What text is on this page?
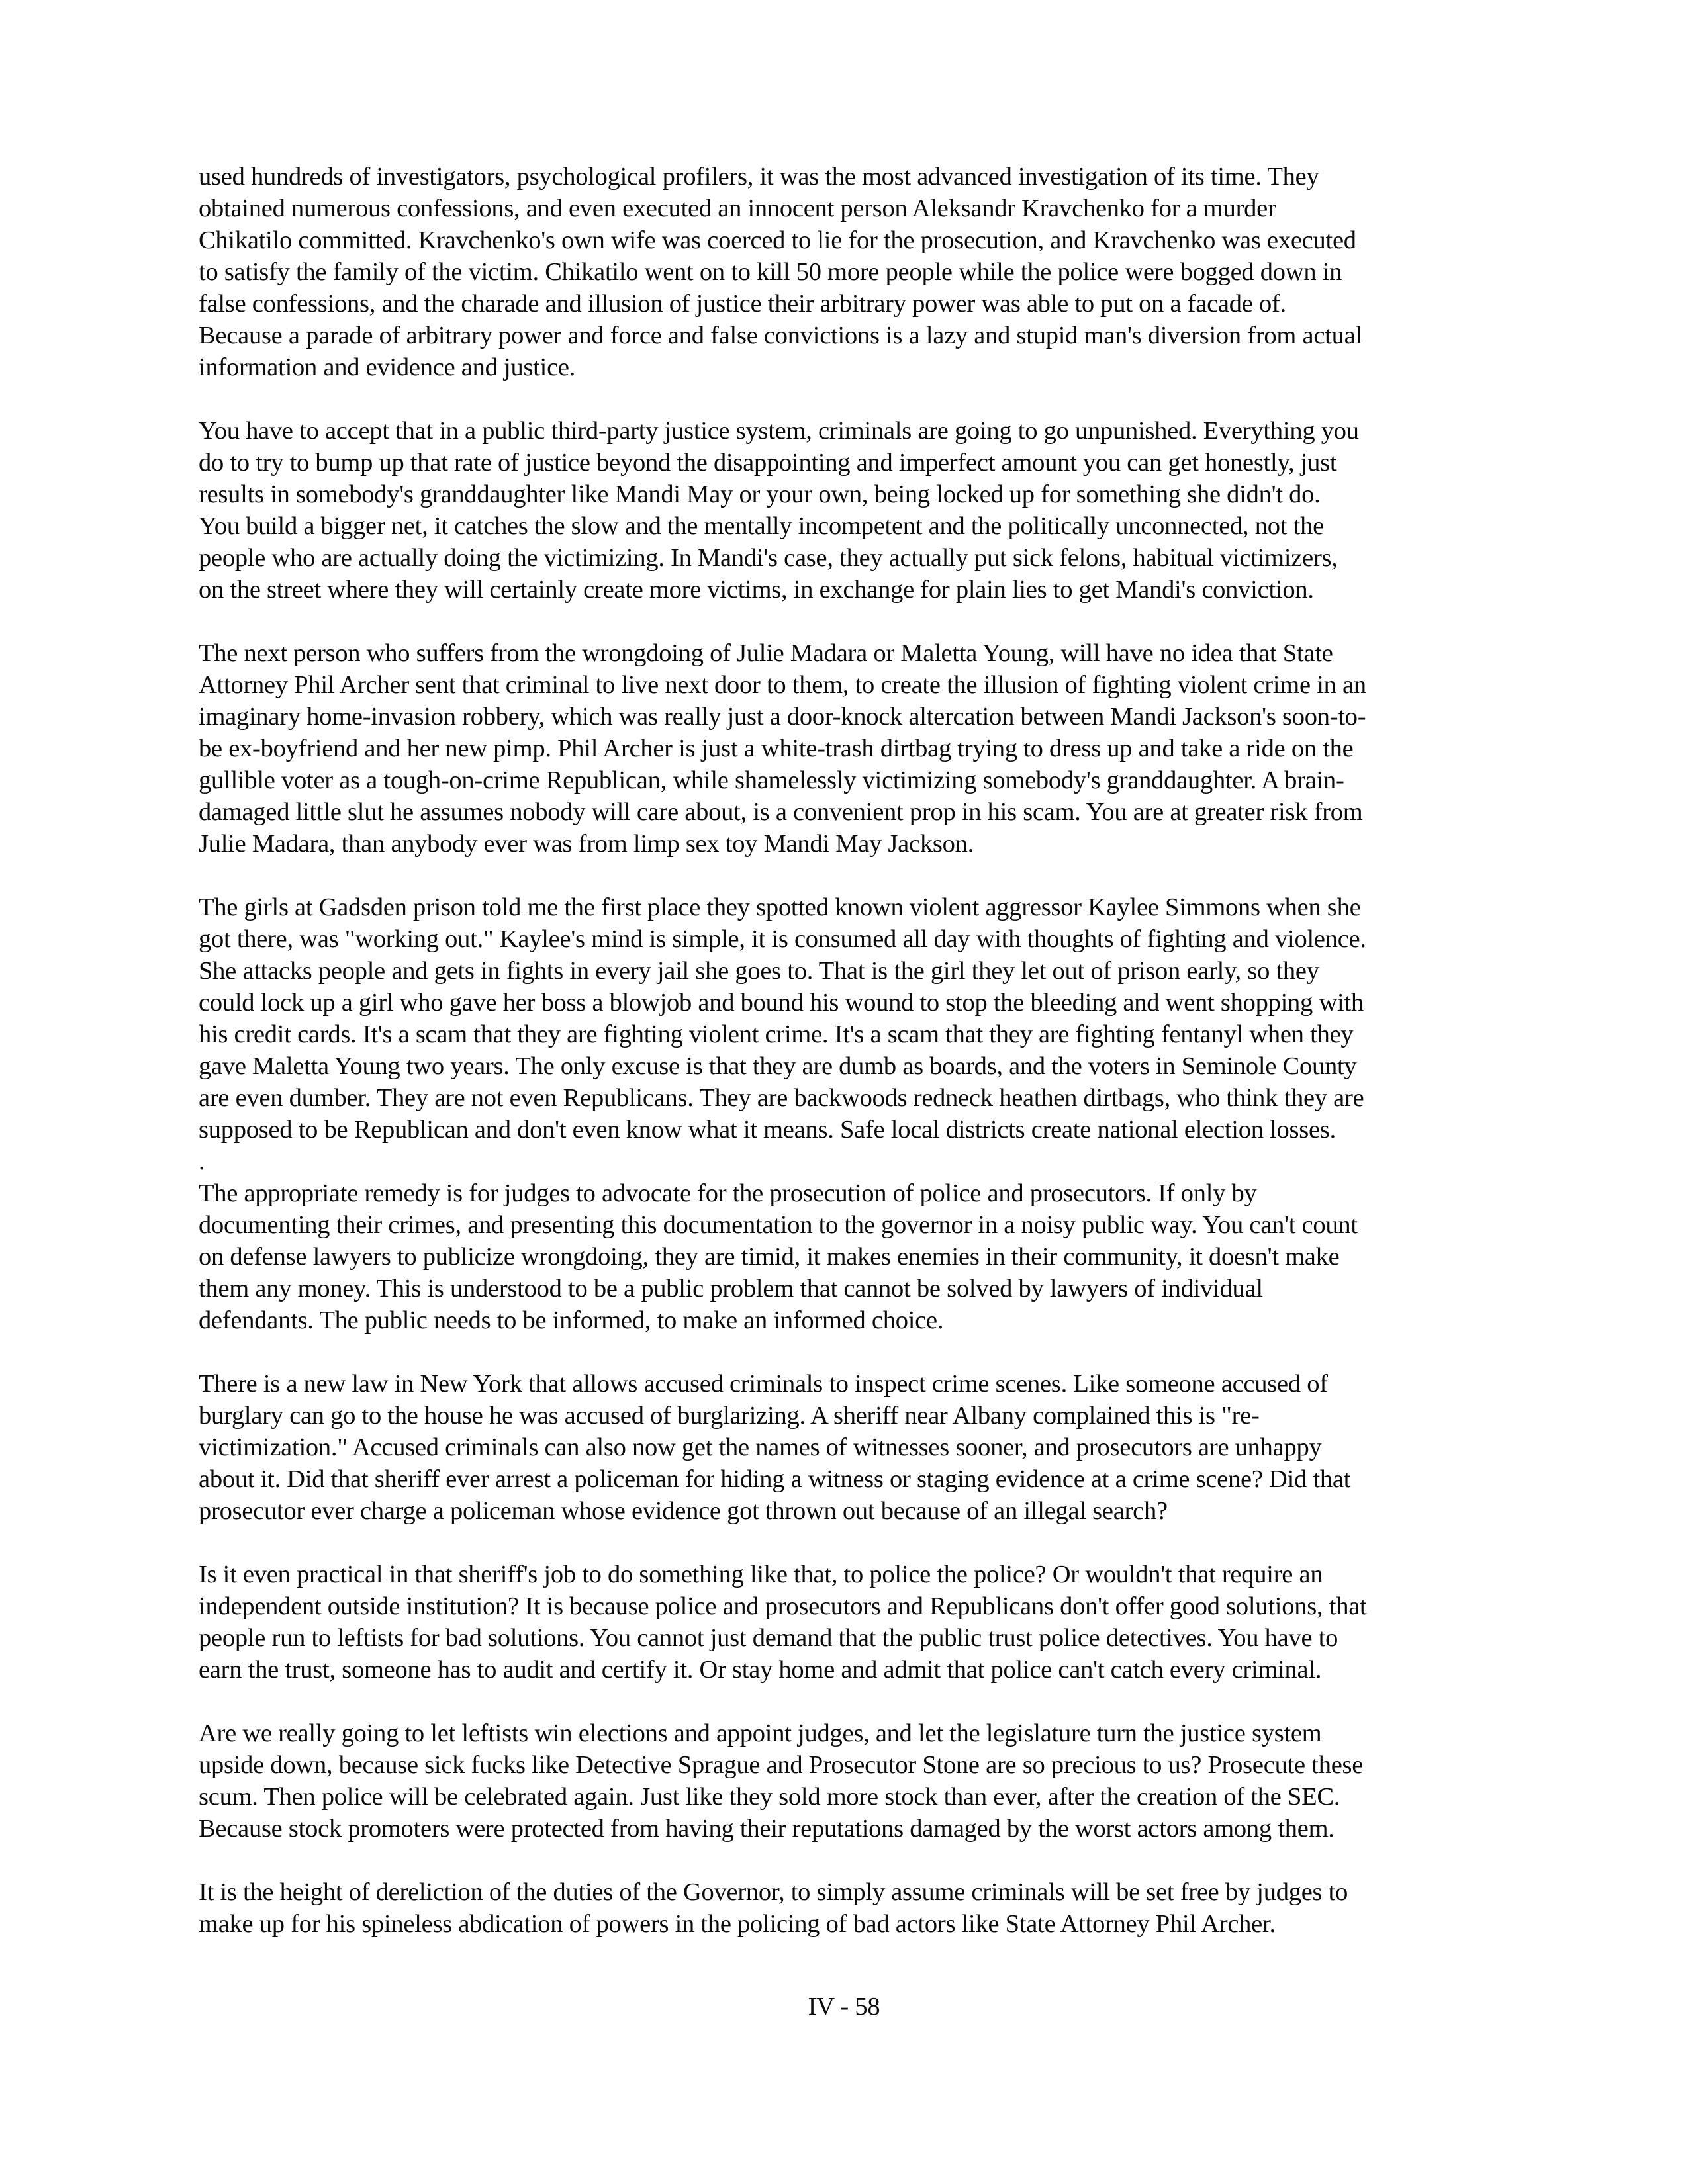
used hundreds of investigators, psychological profilers, it was the most advanced investigation of its time. They
obtained numerous confessions, and even executed an innocent person Aleksandr Kravchenko for a murder
Chikatilo committed. Kravchenko's own wife was coerced to lie for the prosecution, and Kravchenko was executed
to satisfy the family of the victim. Chikatilo went on to kill 50 more people while the police were bogged down in
false confessions, and the charade and illusion of justice their arbitrary power was able to put on a facade of.
Because a parade of arbitrary power and force and false convictions is a lazy and stupid man's diversion from actual
information and evidence and justice.
You have to accept that in a public third-party justice system, criminals are going to go unpunished. Everything you
do to try to bump up that rate of justice beyond the disappointing and imperfect amount you can get honestly, just
results in somebody's granddaughter like Mandi May or your own, being locked up for something she didn't do.
You build a bigger net, it catches the slow and the mentally incompetent and the politically unconnected, not the
people who are actually doing the victimizing. In Mandi's case, they actually put sick felons, habitual victimizers,
on the street where they will certainly create more victims, in exchange for plain lies to get Mandi's conviction.
The next person who suffers from the wrongdoing of Julie Madara or Maletta Young, will have no idea that State
Attorney Phil Archer sent that criminal to live next door to them, to create the illusion of fighting violent crime in an
imaginary home-invasion robbery, which was really just a door-knock altercation between Mandi Jackson's soon-to-
be ex-boyfriend and her new pimp. Phil Archer is just a white-trash dirtbag trying to dress up and take a ride on the
gullible voter as a tough-on-crime Republican, while shamelessly victimizing somebody's granddaughter. A brain-
damaged little slut he assumes nobody will care about, is a convenient prop in his scam. You are at greater risk from
Julie Madara, than anybody ever was from limp sex toy Mandi May Jackson.
The girls at Gadsden prison told me the first place they spotted known violent aggressor Kaylee Simmons when she
got there, was "working out." Kaylee's mind is simple, it is consumed all day with thoughts of fighting and violence.
She attacks people and gets in fights in every jail she goes to. That is the girl they let out of prison early, so they
could lock up a girl who gave her boss a blowjob and bound his wound to stop the bleeding and went shopping with
his credit cards. It's a scam that they are fighting violent crime. It's a scam that they are fighting fentanyl when they
gave Maletta Young two years. The only excuse is that they are dumb as boards, and the voters in Seminole County
are even dumber. They are not even Republicans. They are backwoods redneck heathen dirtbags, who think they are
supposed to be Republican and don't even know what it means. Safe local districts create national election losses.
.
The appropriate remedy is for judges to advocate for the prosecution of police and prosecutors. If only by
documenting their crimes, and presenting this documentation to the governor in a noisy public way. You can't count
on defense lawyers to publicize wrongdoing, they are timid, it makes enemies in their community, it doesn't make
them any money. This is understood to be a public problem that cannot be solved by lawyers of individual
defendants. The public needs to be informed, to make an informed choice.
There is a new law in New York that allows accused criminals to inspect crime scenes. Like someone accused of
burglary can go to the house he was accused of burglarizing. A sheriff near Albany complained this is "re-
victimization." Accused criminals can also now get the names of witnesses sooner, and prosecutors are unhappy
about it. Did that sheriff ever arrest a policeman for hiding a witness or staging evidence at a crime scene? Did that
prosecutor ever charge a policeman whose evidence got thrown out because of an illegal search?
Is it even practical in that sheriff's job to do something like that, to police the police? Or wouldn't that require an
independent outside institution? It is because police and prosecutors and Republicans don't offer good solutions, that
people run to leftists for bad solutions. You cannot just demand that the public trust police detectives. You have to
earn the trust, someone has to audit and certify it. Or stay home and admit that police can't catch every criminal.
Are we really going to let leftists win elections and appoint judges, and let the legislature turn the justice system
upside down, because sick fucks like Detective Sprague and Prosecutor Stone are so precious to us? Prosecute these
scum. Then police will be celebrated again. Just like they sold more stock than ever, after the creation of the SEC.
Because stock promoters were protected from having their reputations damaged by the worst actors among them.
It is the height of dereliction of the duties of the Governor, to simply assume criminals will be set free by judges to
make up for his spineless abdication of powers in the policing of bad actors like State Attorney Phil Archer.
IV - 58
